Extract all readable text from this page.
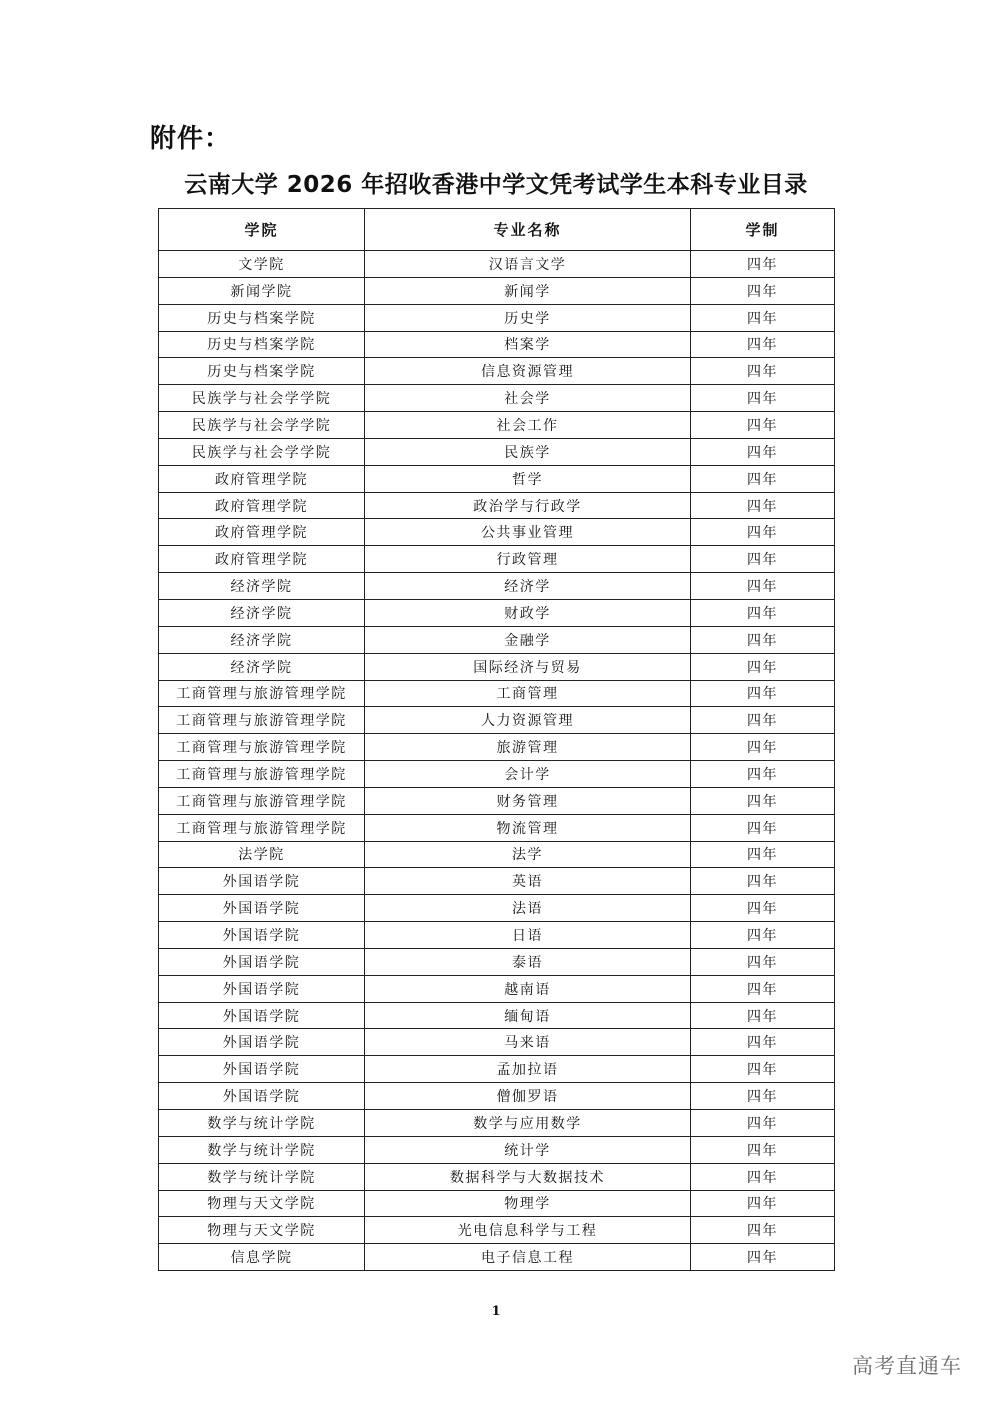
附件：
云南大学 2026 年招收香港中学文凭考试学生本科专业目录
学院	专业名称	学制
文学院	汉语言文学	四年
新闻学院	新闻学	四年
历史与档案学院	历史学	四年
历史与档案学院	档案学	四年
历史与档案学院	信息资源管理	四年
民族学与社会学学院	社会学	四年
民族学与社会学学院	社会工作	四年
民族学与社会学学院	民族学	四年
政府管理学院	哲学	四年
政府管理学院	政治学与行政学	四年
政府管理学院	公共事业管理	四年
政府管理学院	行政管理	四年
经济学院	经济学	四年
经济学院	财政学	四年
经济学院	金融学	四年
经济学院	国际经济与贸易	四年
工商管理与旅游管理学院	工商管理	四年
工商管理与旅游管理学院	人力资源管理	四年
工商管理与旅游管理学院	旅游管理	四年
工商管理与旅游管理学院	会计学	四年
工商管理与旅游管理学院	财务管理	四年
工商管理与旅游管理学院	物流管理	四年
法学院	法学	四年
外国语学院	英语	四年
外国语学院	法语	四年
外国语学院	日语	四年
外国语学院	泰语	四年
外国语学院	越南语	四年
外国语学院	缅甸语	四年
外国语学院	马来语	四年
外国语学院	孟加拉语	四年
外国语学院	僧伽罗语	四年
数学与统计学院	数学与应用数学	四年
数学与统计学院	统计学	四年
数学与统计学院	数据科学与大数据技术	四年
物理与天文学院	物理学	四年
物理与天文学院	光电信息科学与工程	四年
信息学院	电子信息工程	四年
1
高考直通车
